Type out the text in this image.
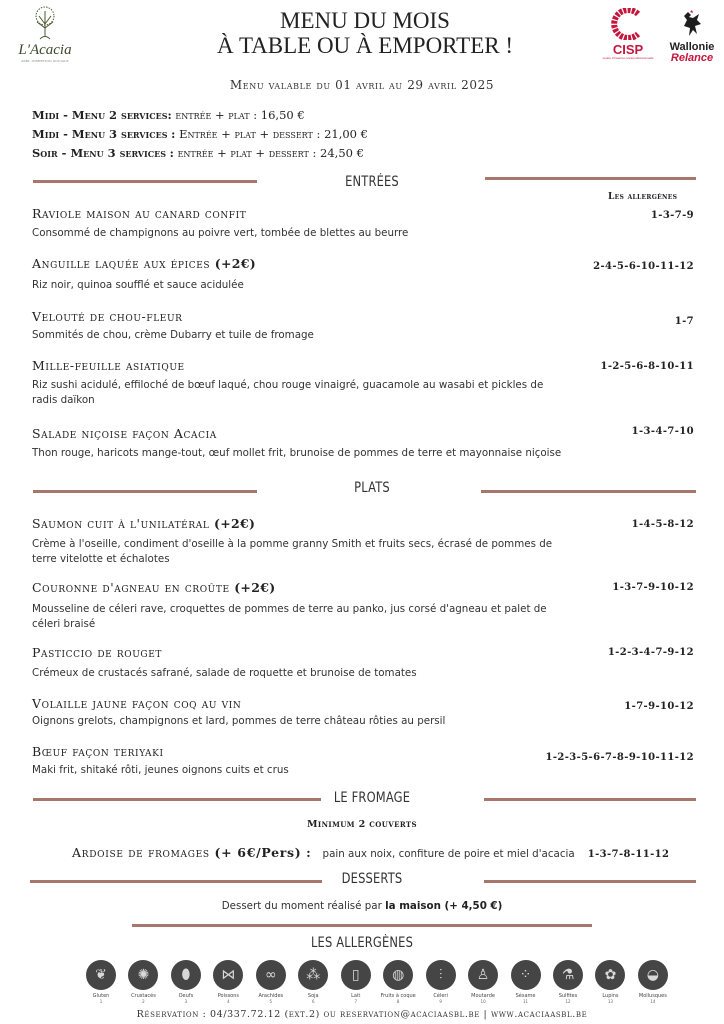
L'Acacia
ASBL INSERTION SOCIALE
MENU DU MOIS
À TABLE OU À EMPORTER !	CISP
centre d'insertion socioprofessionnelle
Wallonie
Relance
Menu valable du 01 avril au 29 avril 2025
Midi - Menu 2 services: entrée + plat : 16,50 €
Midi - Menu 3 services : Entrée + plat + dessert : 21,00 €
Soir - Menu 3 services : entrée + plat + dessert : 24,50 €
ENTRÉES
Les allergènes
Raviole maison au canard confit
Consommé de champignons au poivre vert, tombée de blettes au beurre
1-3-7-9
Anguille laquée aux épices (+2€)
Riz noir, quinoa soufflé et sauce acidulée
2-4-5-6-10-11-12
Velouté de chou-fleur
Sommités de chou, crème Dubarry et tuile de fromage
1-7
Mille-feuille asiatique
Riz sushi acidulé, effiloché de bœuf laqué, chou rouge vinaigré, guacamole au wasabi et pickles de radis daïkon
1-2-5-6-8-10-11
Salade niçoise façon Acacia
Thon rouge, haricots mange-tout, œuf mollet frit, brunoise de pommes de terre et mayonnaise niçoise
1-3-4-7-10
PLATS
Saumon cuit à l'unilatéral (+2€)
Crème à l'oseille, condiment d'oseille à la pomme granny Smith et fruits secs, écrasé de pommes de terre vitelotte et échalotes
1-4-5-8-12
Couronne d'agneau en croûte (+2€)
Mousseline de céleri rave, croquettes de pommes de terre au panko, jus corsé d'agneau et palet de céleri braisé
1-3-7-9-10-12
Pasticcio de rouget
Crémeux de crustacés safrané, salade de roquette et brunoise de tomates
1-2-3-4-7-9-12
Volaille jaune façon coq au vin
Oignons grelots, champignons et lard, pommes de terre château rôties au persil
1-7-9-10-12
Bœuf façon teriyaki
Maki frit, shitaké rôti, jeunes oignons cuits et crus
1-2-3-5-6-7-8-9-10-11-12
LE FROMAGE
Minimum 2 couverts
Ardoise de fromages (+ 6€/Pers) : pain aux noix, confiture de poire et miel d'acacia 1-3-7-8-11-12
DESSERTS
Dessert du moment réalisé par la maison (+ 4,50 €)
LES ALLERGÈNES
❦
Gluten
1
✺
Crustacés
2
⬮
Oeufs
3
⋈
Poissons
4
∞
Arachides
5
⁂
Soja
6
▯
Lait
7
◍
Fruits à coque
8
⫶
Céleri
9
♙
Moutarde
10
⁘
Sésame
11
⚗
Sulfites
12
✿
Lupins
13
◒
Mollusques
14
Réservation : 04/337.72.12 (ext.2) ou reservation@acaciaasbl.be | www.acaciaasbl.be
